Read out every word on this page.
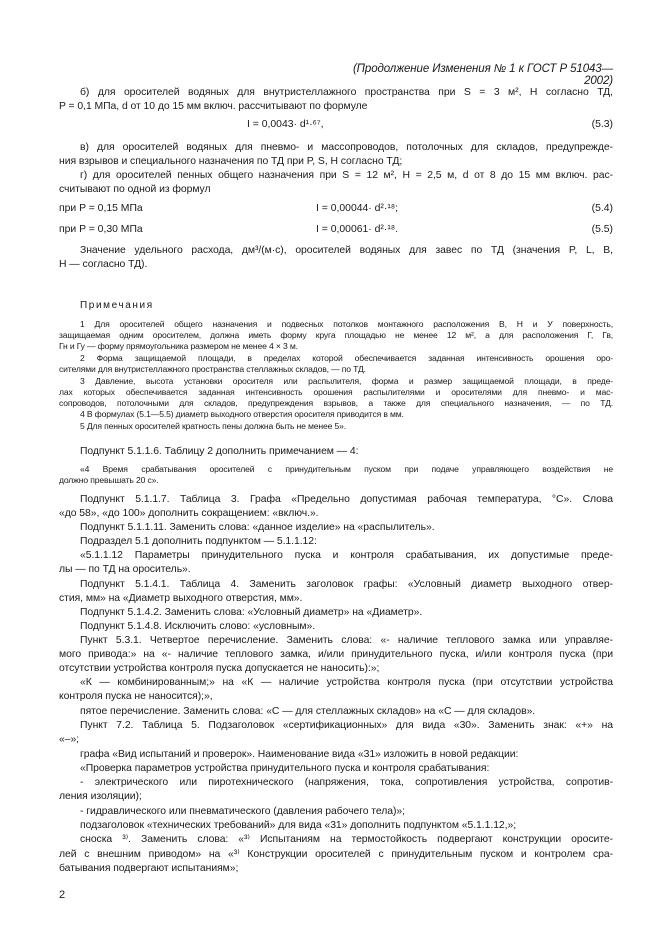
(Продолжение Изменения № 1 к ГОСТ Р 51043—2002)
б) для оросителей водяных для внутристеллажного пространства при S = 3 м², H согласно ТД,
P = 0,1 МПа, d от 10 до 15 мм включ. рассчитывают по формуле
I = 0,0043· d¹·⁶⁷,	(5.3)
в) для оросителей водяных для пневмо- и массопроводов, потолочных для складов, предупрежде-
ния взрывов и специального назначения по ТД при P, S, H согласно ТД;
г) для оросителей пенных общего назначения при S = 12 м², H = 2,5 м, d от 8 до 15 мм включ. рас-
считывают по одной из формул
при P = 0,15 МПа	I = 0,00044· d²·¹⁸;	(5.4)
при P = 0,30 МПа	I = 0,00061· d²·¹⁸.	(5.5)
Значение удельного расхода, дм³/(м·с), оросителей водяных для завес по ТД (значения P, L, B,
H — согласно ТД).
Примечания
1 Для оросителей общего назначения и подвесных потолков монтажного расположения В, Н и У поверхность,
защищаемая одним оросителем, должна иметь форму круга площадью не менее 12 м², а для расположения Г, Гв,
Гн и Гу — форму прямоугольника размером не менее 4 × 3 м.
2 Форма защищаемой площади, в пределах которой обеспечивается заданная интенсивность орошения оро-
сителями для внутристеллажного пространства стеллажных складов, — по ТД.
3 Давление, высота установки оросителя или распылителя, форма и размер защищаемой площади, в преде-
лах которых обеспечивается заданная интенсивность орошения распылителями и оросителями для пневмо- и мас-
сопроводов, потолочными для складов, предупреждения взрывов, а также для специального назначения, — по ТД.
4 В формулах (5.1—5.5) диаметр выходного отверстия оросителя приводится в мм.
5 Для пенных оросителей кратность пены должна быть не менее 5».
Подпункт 5.1.1.6. Таблицу 2 дополнить примечанием — 4:
«4 Время срабатывания оросителей с принудительным пуском при подаче управляющего воздействия не
должно превышать 20 с».
Подпункт 5.1.1.7. Таблица 3. Графа «Предельно допустимая рабочая температура, °С». Слова
«до 58», «до 100» дополнить сокращением: «включ.».
Подпункт 5.1.1.11. Заменить слова: «данное изделие» на «распылитель».
Подраздел 5.1 дополнить подпунктом — 5.1.1.12:
«5.1.1.12 Параметры принудительного пуска и контроля срабатывания, их допустимые преде-
лы — по ТД на ороситель».
Подпункт 5.1.4.1. Таблица 4. Заменить заголовок графы: «Условный диаметр выходного отвер-
стия, мм» на «Диаметр выходного отверстия, мм».
Подпункт 5.1.4.2. Заменить слова: «Условный диаметр» на «Диаметр».
Подпункт 5.1.4.8. Исключить слово: «условным».
Пункт 5.3.1. Четвертое перечисление. Заменить слова: «- наличие теплового замка или управляе-
мого привода:» на «- наличие теплового замка, и/или принудительного пуска, и/или контроля пуска (при
отсутствии устройства контроля пуска допускается не наносить):»;
«К — комбинированным;» на «К — наличие устройства контроля пуска (при отсутствии устройства
контроля пуска не наносится);»,
пятое перечисление. Заменить слова: «С — для стеллажных складов» на «С — для складов».
Пункт 7.2. Таблица 5. Подзаголовок «сертификационных» для вида «30». Заменить знак: «+» на
«–»;
графа «Вид испытаний и проверок». Наименование вида «31» изложить в новой редакции:
«Проверка параметров устройства принудительного пуска и контроля срабатывания:
- электрического или пиротехнического (напряжения, тока, сопротивления устройства, сопротив-
ления изоляции);
- гидравлического или пневматического (давления рабочего тела)»;
подзаголовок «технических требований» для вида «31» дополнить подпунктом «5.1.1.12,»;
сноска ³⁾. Заменить слова: «³⁾ Испытаниям на термостойкость подвергают конструкции оросите-
лей с внешним приводом» на «³⁾ Конструкции оросителей с принудительным пуском и контролем сра-
батывания подвергают испытаниям»;
2
